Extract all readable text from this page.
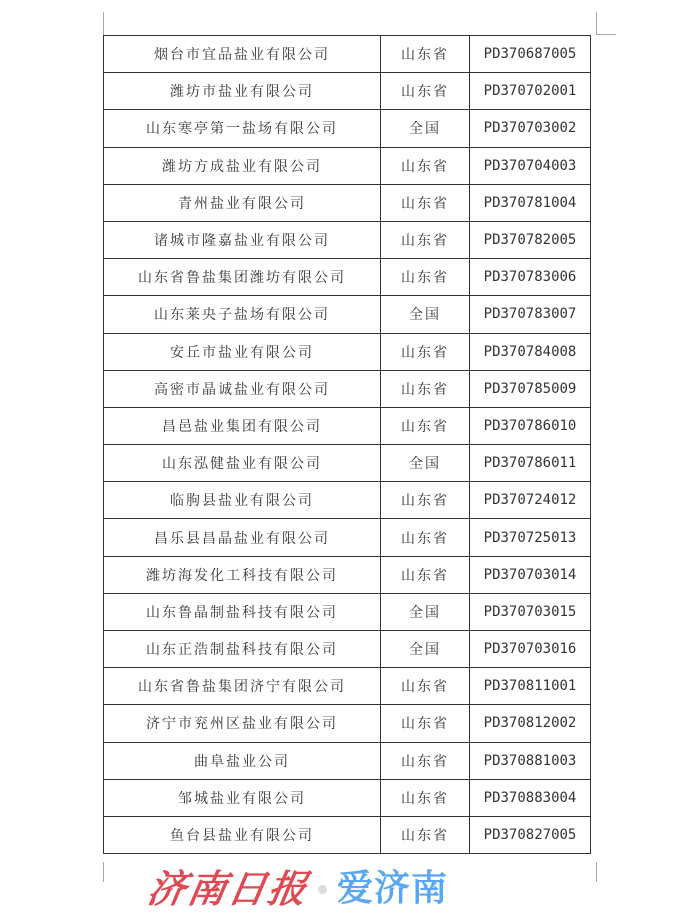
烟台市宜品盐业有限公司	山东省	PD370687005
潍坊市盐业有限公司	山东省	PD370702001
山东寒亭第一盐场有限公司	全国	PD370703002
潍坊方成盐业有限公司	山东省	PD370704003
青州盐业有限公司	山东省	PD370781004
诸城市隆嘉盐业有限公司	山东省	PD370782005
山东省鲁盐集团潍坊有限公司	山东省	PD370783006
山东莱央子盐场有限公司	全国	PD370783007
安丘市盐业有限公司	山东省	PD370784008
高密市晶诚盐业有限公司	山东省	PD370785009
昌邑盐业集团有限公司	山东省	PD370786010
山东泓健盐业有限公司	全国	PD370786011
临朐县盐业有限公司	山东省	PD370724012
昌乐县昌晶盐业有限公司	山东省	PD370725013
潍坊海发化工科技有限公司	山东省	PD370703014
山东鲁晶制盐科技有限公司	全国	PD370703015
山东正浩制盐科技有限公司	全国	PD370703016
山东省鲁盐集团济宁有限公司	山东省	PD370811001
济宁市兖州区盐业有限公司	山东省	PD370812002
曲阜盐业公司	山东省	PD370881003
邹城盐业有限公司	山东省	PD370883004
鱼台县盐业有限公司	山东省	PD370827005
济南日报 爱济南
